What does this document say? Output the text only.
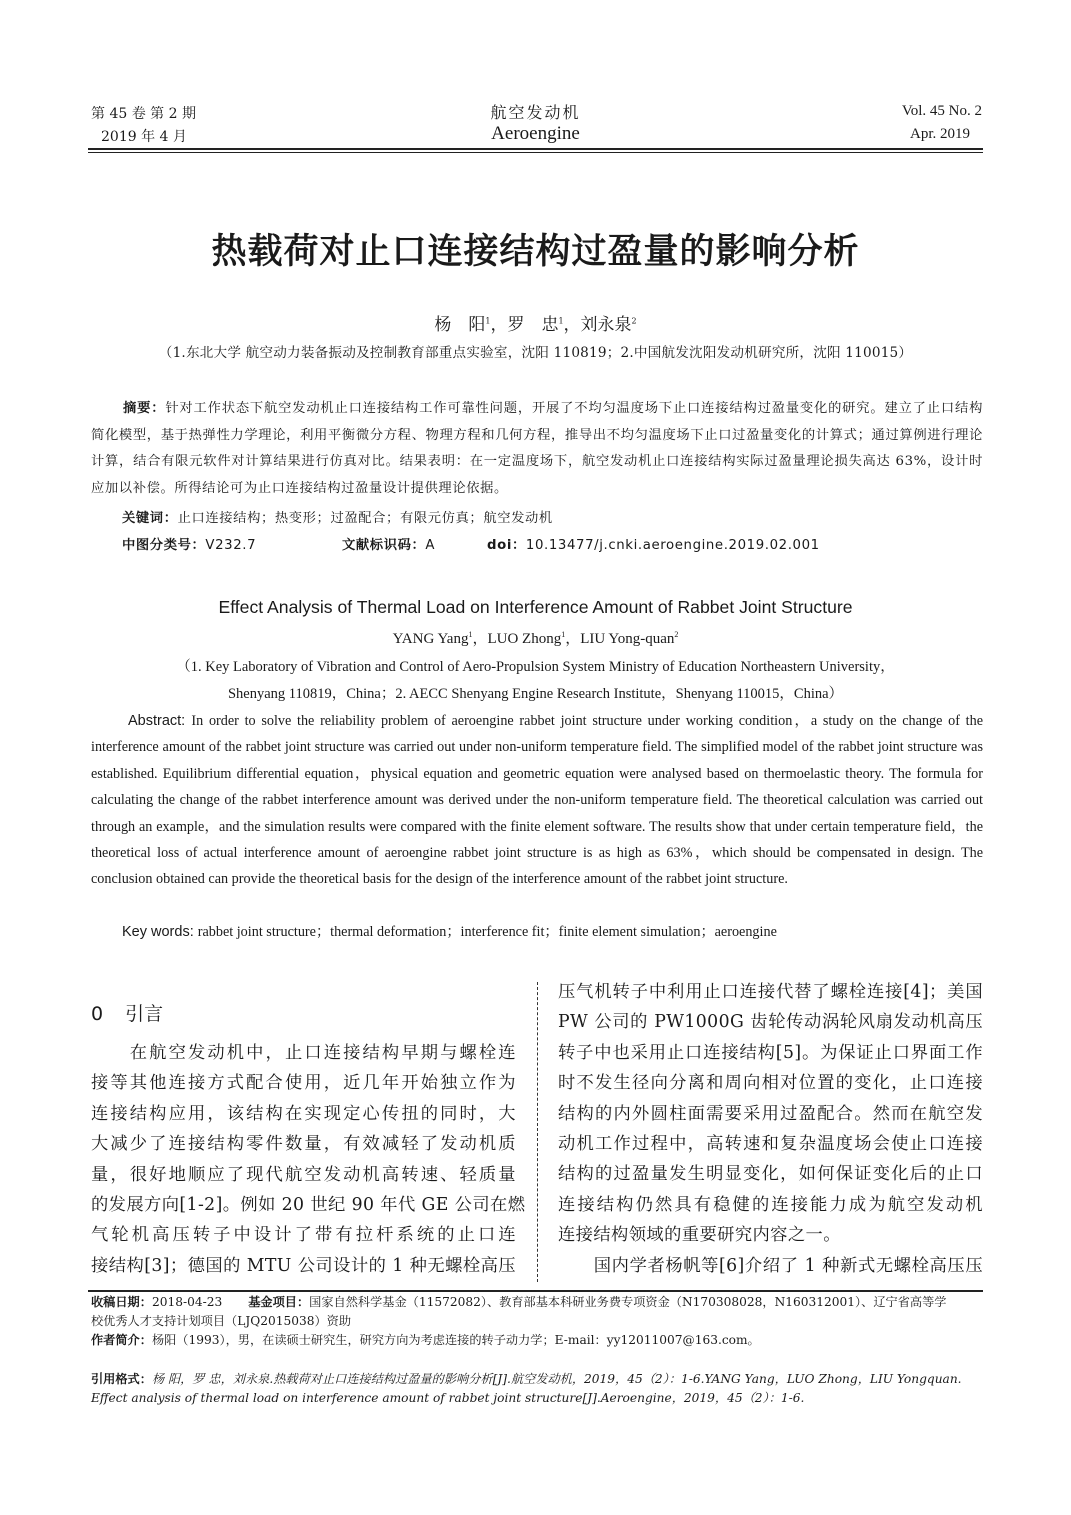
第 45 卷 第 2 期
2019 年 4 月
航空发动机
Aeroengine
Vol. 45 No. 2
Apr. 2019
热载荷对止口连接结构过盈量的影响分析
杨　阳$^1$，罗　忠$^1$，刘永泉$^2$
（1.东北大学 航空动力装备振动及控制教育部重点实验室，沈阳 110819；2.中国航发沈阳发动机研究所，沈阳 110015）
摘要：针对工作状态下航空发动机止口连接结构工作可靠性问题，开展了不均匀温度场下止口连接结构过盈量变化的研究。建立了止口结构简化模型，基于热弹性力学理论，利用平衡微分方程、物理方程和几何方程，推导出不均匀温度场下止口过盈量变化的计算式；通过算例进行理论计算，结合有限元软件对计算结果进行仿真对比。结果表明：在一定温度场下，航空发动机止口连接结构实际过盈量理论损失高达 63%，设计时应加以补偿。所得结论可为止口连接结构过盈量设计提供理论依据。
关键词：止口连接结构；热变形；过盈配合；有限元仿真；航空发动机
中图分类号：V232.7	文献标识码：A	doi：10.13477/j.cnki.aeroengine.2019.02.001
Effect Analysis of Thermal Load on Interference Amount of Rabbet Joint Structure
YANG Yang$^1$，LUO Zhong$^1$，LIU Yong-quan$^2$
（1. Key Laboratory of Vibration and Control of Aero-Propulsion System Ministry of Education Northeastern University，
Shenyang 110819，China；2. AECC Shenyang Engine Research Institute，Shenyang 110015，China）
Abstract: In order to solve the reliability problem of aeroengine rabbet joint structure under working condition，a study on the change of the interference amount of the rabbet joint structure was carried out under non-uniform temperature field. The simplified model of the rabbet joint structure was established. Equilibrium differential equation，physical equation and geometric equation were analysed based on thermoelastic theory. The formula for calculating the change of the rabbet interference amount was derived under the non-uniform temperature field. The theoretical calculation was carried out through an example，and the simulation results were compared with the finite element software. The results show that under certain temperature field，the theoretical loss of actual interference amount of aeroengine rabbet joint structure is as high as 63%，which should be compensated in design. The conclusion obtained can provide the theoretical basis for the design of the interference amount of the rabbet joint structure.
Key words: rabbet joint structure；thermal deformation；interference fit；finite element simulation；aeroengine
0 引言
　　在航空发动机中，止口连接结构早期与螺栓连
接等其他连接方式配合使用，近几年开始独立作为
连接结构应用，该结构在实现定心传扭的同时，大
大减少了连接结构零件数量，有效减轻了发动机质
量，很好地顺应了现代航空发动机高转速、轻质量
的发展方向[1-2]。例如 20 世纪 90 年代 GE 公司在燃
气轮机高压转子中设计了带有拉杆系统的止口连
接结构[3]；德国的 MTU 公司设计的 1 种无螺栓高压
压气机转子中利用止口连接代替了螺栓连接[4]；美国
PW 公司的 PW1000G 齿轮传动涡轮风扇发动机高压
转子中也采用止口连接结构[5]。为保证止口界面工作
时不发生径向分离和周向相对位置的变化，止口连接
结构的内外圆柱面需要采用过盈配合。然而在航空发
动机工作过程中，高转速和复杂温度场会使止口连接
结构的过盈量发生明显变化，如何保证变化后的止口
连接结构仍然具有稳健的连接能力成为航空发动机
连接结构领域的重要研究内容之一。
　　国内学者杨帆等[6]介绍了 1 种新式无螺栓高压压
收稿日期：2018-04-23 基金项目：国家自然科学基金（11572082）、教育部基本科研业务费专项资金（N170308028，N160312001）、辽宁省高等学
校优秀人才支持计划项目（LJQ2015038）资助
作者简介：杨阳（1993），男，在读硕士研究生，研究方向为考虑连接的转子动力学；E-mail：yy12011007@163.com。
引用格式：杨 阳，罗 忠，刘永泉.热载荷对止口连接结构过盈量的影响分析[J].航空发动机，2019，45（2）：1-6.YANG Yang，LUO Zhong，LIU Yongquan.
Effect analysis of thermal load on interference amount of rabbet joint structure[J].Aeroengine，2019，45（2）：1-6.
